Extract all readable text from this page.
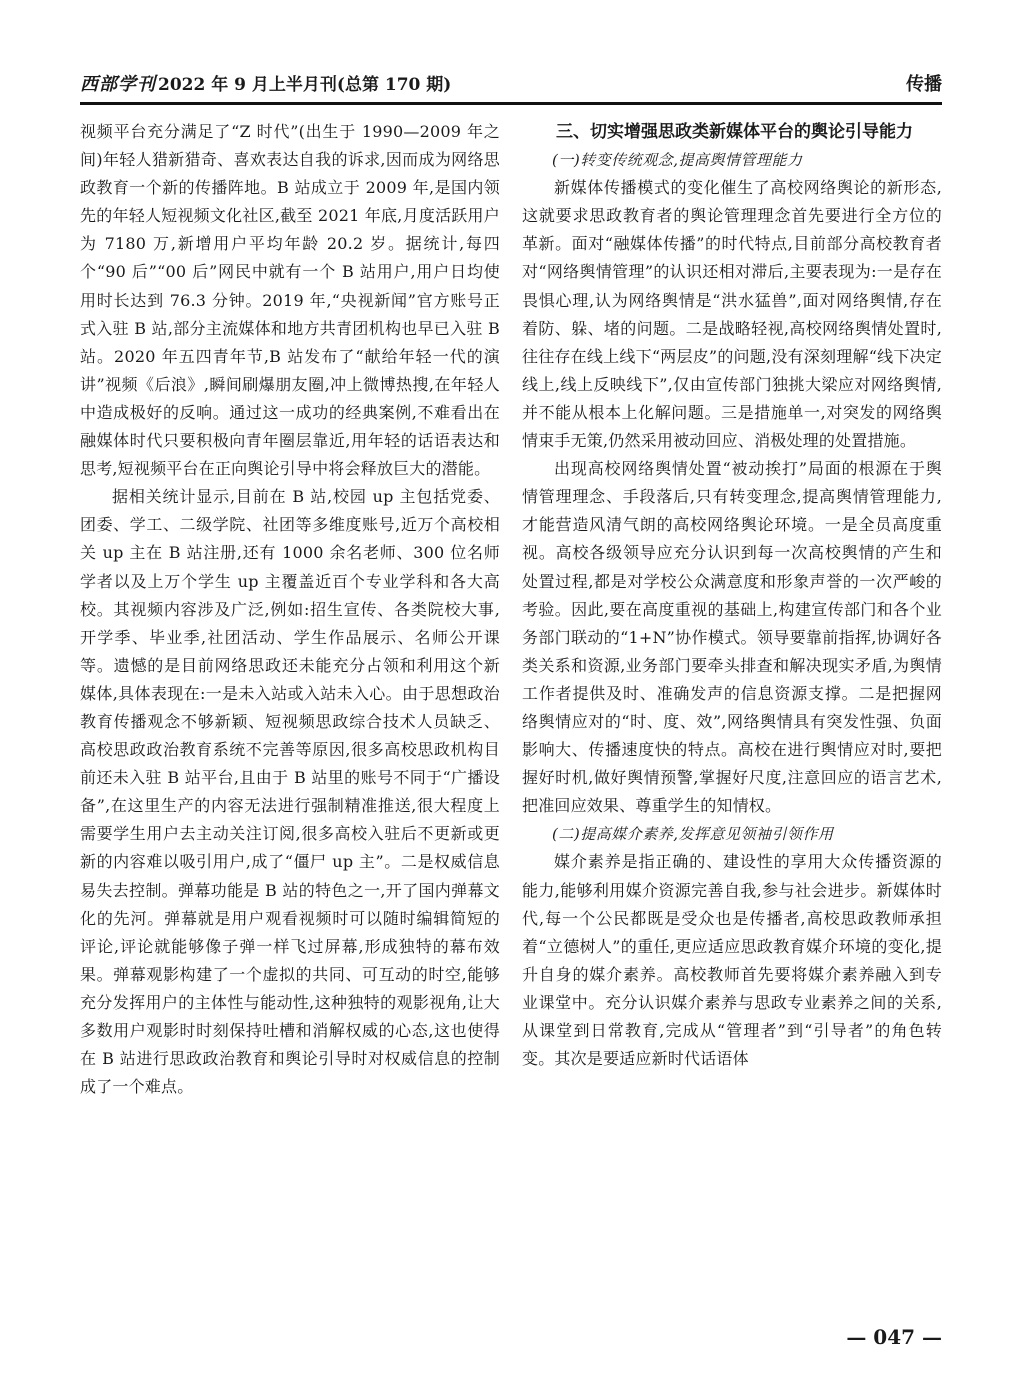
西部学刊 2022 年 9 月上半月刊(总第 170 期)	传播

视频平台充分满足了“Z 时代”(出生于 1990—2009 年之间)年轻人猎新猎奇、喜欢表达自我的诉求,因而成为网络思政教育一个新的传播阵地。B 站成立于 2009 年,是国内领先的年轻人短视频文化社区,截至 2021 年底,月度活跃用户为 7180 万,新增用户平均年龄 20.2 岁。据统计,每四个“90 后”“00 后”网民中就有一个 B 站用户,用户日均使用时长达到 76.3 分钟。2019 年,“央视新闻”官方账号正式入驻 B 站,部分主流媒体和地方共青团机构也早已入驻 B 站。2020 年五四青年节,B 站发布了“献给年轻一代的演讲”视频《后浪》,瞬间刷爆朋友圈,冲上微博热搜,在年轻人中造成极好的反响。通过这一成功的经典案例,不难看出在融媒体时代只要积极向青年圈层靠近,用年轻的话语表达和思考,短视频平台在正向舆论引导中将会释放巨大的潜能。

据相关统计显示,目前在 B 站,校园 up 主包括党委、团委、学工、二级学院、社团等多维度账号,近万个高校相关 up 主在 B 站注册,还有 1000 余名老师、300 位名师学者以及上万个学生 up 主覆盖近百个专业学科和各大高校。其视频内容涉及广泛,例如:招生宣传、各类院校大事,开学季、毕业季,社团活动、学生作品展示、名师公开课等。遗憾的是目前网络思政还未能充分占领和利用这个新媒体,具体表现在:一是未入站或入站未入心。由于思想政治教育传播观念不够新颖、短视频思政综合技术人员缺乏、高校思政政治教育系统不完善等原因,很多高校思政机构目前还未入驻 B 站平台,且由于 B 站里的账号不同于“广播设备”,在这里生产的内容无法进行强制精准推送,很大程度上需要学生用户去主动关注订阅,很多高校入驻后不更新或更新的内容难以吸引用户,成了“僵尸 up 主”。二是权威信息易失去控制。弹幕功能是 B 站的特色之一,开了国内弹幕文化的先河。弹幕就是用户观看视频时可以随时编辑简短的评论,评论就能够像子弹一样飞过屏幕,形成独特的幕布效果。弹幕观影构建了一个虚拟的共同、可互动的时空,能够充分发挥用户的主体性与能动性,这种独特的观影视角,让大多数用户观影时时刻保持吐槽和消解权威的心态,这也使得在 B 站进行思政政治教育和舆论引导时对权威信息的控制成了一个难点。

三、切实增强思政类新媒体平台的舆论引导能力

(一)转变传统观念,提高舆情管理能力

新媒体传播模式的变化催生了高校网络舆论的新形态,这就要求思政教育者的舆论管理理念首先要进行全方位的革新。面对“融媒体传播”的时代特点,目前部分高校教育者对“网络舆情管理”的认识还相对滞后,主要表现为:一是存在畏惧心理,认为网络舆情是“洪水猛兽”,面对网络舆情,存在着防、躲、堵的问题。二是战略轻视,高校网络舆情处置时,往往存在线上线下“两层皮”的问题,没有深刻理解“线下决定线上,线上反映线下”,仅由宣传部门独挑大梁应对网络舆情,并不能从根本上化解问题。三是措施单一,对突发的网络舆情束手无策,仍然采用被动回应、消极处理的处置措施。

出现高校网络舆情处置“被动挨打”局面的根源在于舆情管理理念、手段落后,只有转变理念,提高舆情管理能力,才能营造风清气朗的高校网络舆论环境。一是全员高度重视。高校各级领导应充分认识到每一次高校舆情的产生和处置过程,都是对学校公众满意度和形象声誉的一次严峻的考验。因此,要在高度重视的基础上,构建宣传部门和各个业务部门联动的“1+N”协作模式。领导要靠前指挥,协调好各类关系和资源,业务部门要牵头排查和解决现实矛盾,为舆情工作者提供及时、准确发声的信息资源支撑。二是把握网络舆情应对的“时、度、效”,网络舆情具有突发性强、负面影响大、传播速度快的特点。高校在进行舆情应对时,要把握好时机,做好舆情预警,掌握好尺度,注意回应的语言艺术,把准回应效果、尊重学生的知情权。

(二)提高媒介素养,发挥意见领袖引领作用

媒介素养是指正确的、建设性的享用大众传播资源的能力,能够利用媒介资源完善自我,参与社会进步。新媒体时代,每一个公民都既是受众也是传播者,高校思政教师承担着“立德树人”的重任,更应适应思政教育媒介环境的变化,提升自身的媒介素养。高校教师首先要将媒介素养融入到专业课堂中。充分认识媒介素养与思政专业素养之间的关系,从课堂到日常教育,完成从“管理者”到“引导者”的角色转变。其次是要适应新时代话语体

— 047 —
